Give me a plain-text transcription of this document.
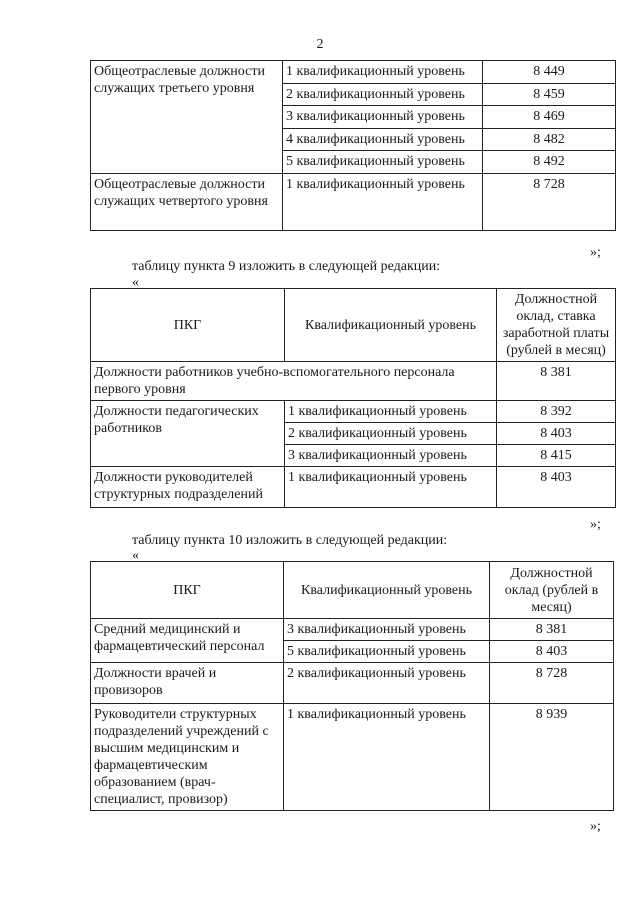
2
Общеотраслевые должности служащих третьего уровня	1 квалификационный уровень	8 449
	2 квалификационный уровень	8 459
	3 квалификационный уровень	8 469
	4 квалификационный уровень	8 482
	5 квалификационный уровень	8 492
Общеотраслевые должности служащих четвертого уровня	1 квалификационный уровень	8 728
»;
таблицу пункта 9 изложить в следующей редакции:
«
ПКГ	Квалификационный уровень	Должностной оклад, ставка заработной платы (рублей в месяц)
Должности работников учебно-вспомогательного персонала первого уровня		8 381
Должности педагогических работников	1 квалификационный уровень	8 392
	2 квалификационный уровень	8 403
	3 квалификационный уровень	8 415
Должности руководителей структурных подразделений	1 квалификационный уровень	8 403
»;
таблицу пункта 10 изложить в следующей редакции:
«
ПКГ	Квалификационный уровень	Должностной оклад (рублей в месяц)
Средний медицинский и фармацевтический персонал	3 квалификационный уровень	8 381
	5 квалификационный уровень	8 403
Должности врачей и провизоров	2 квалификационный уровень	8 728
Руководители структурных подразделений учреждений с высшим медицинским и фармацевтическим образованием (врач-специалист, провизор)	1 квалификационный уровень	8 939
»;
